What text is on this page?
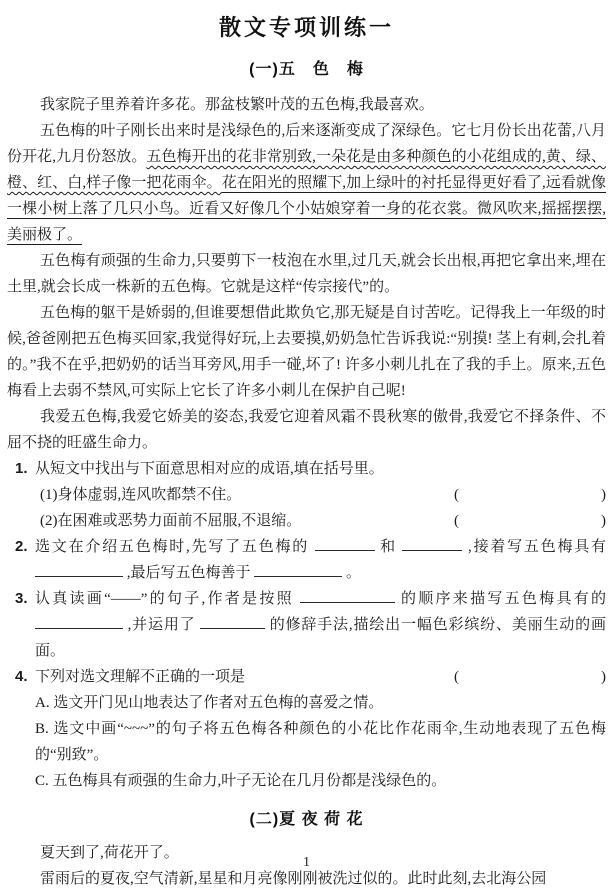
散文专项训练一
(一)五　色　梅

我家院子里养着许多花。那盆枝繁叶茂的五色梅,我最喜欢。

五色梅的叶子刚长出来时是浅绿色的,后来逐渐变成了深绿色。它七月份长出花蕾,八月份开花,九月份怒放。五色梅开出的花非常别致,一朵花是由多种颜色的小花组成的,黄、绿、橙、红、白,样子像一把花雨伞。花在阳光的照耀下,加上绿叶的衬托显得更好看了,远看就像一棵小树上落了几只小鸟。近看又好像几个小姑娘穿着一身的花衣裳。微风吹来,摇摇摆摆,美丽极了。

五色梅有顽强的生命力,只要剪下一枝泡在水里,过几天,就会长出根,再把它拿出来,埋在土里,就会长成一株新的五色梅。它就是这样“传宗接代”的。

五色梅的躯干是娇弱的,但谁要想借此欺负它,那无疑是自讨苦吃。记得我上一年级的时候,爸爸刚把五色梅买回家,我觉得好玩,上去要摸,奶奶急忙告诉我说:“别摸! 茎上有刺,会扎着的。”我不在乎,把奶奶的话当耳旁风,用手一碰,坏了! 许多小刺儿扎在了我的手上。原来,五色梅看上去弱不禁风,可实际上它长了许多小刺儿在保护自己呢!

我爱五色梅,我爱它娇美的姿态,我爱它迎着风霜不畏秋寒的傲骨,我爱它不择条件、不屈不挠的旺盛生命力。

1. 从短文中找出与下面意思相对应的成语,填在括号里。
(1)身体虚弱,连风吹都禁不住。	(	)
(2)在困难或恶势力面前不屈服,不退缩。	(	)
2. 选文在介绍五色梅时,先写了五色梅的	和	,接着写五色梅具有  ,最后写五色梅善于	。
3. 认真读画“——”的句子,作者是按照	的顺序来描写五色梅具有的  ,并运用了	的修辞手法,描绘出一幅色彩缤纷、美丽生动的画面。
4. 下列对选文理解不正确的一项是	(	)
A. 选文开门见山地表达了作者对五色梅的喜爱之情。
B. 选文中画“~~~”的句子将五色梅各种颜色的小花比作花雨伞,生动地表现了五色梅的“别致”。
C. 五色梅具有顽强的生命力,叶子无论在几月份都是浅绿色的。
(二)夏 夜 荷 花

夏天到了,荷花开了。

雷雨后的夏夜,空气清新,星星和月亮像刚刚被洗过似的。此时此刻,去北海公园

1
